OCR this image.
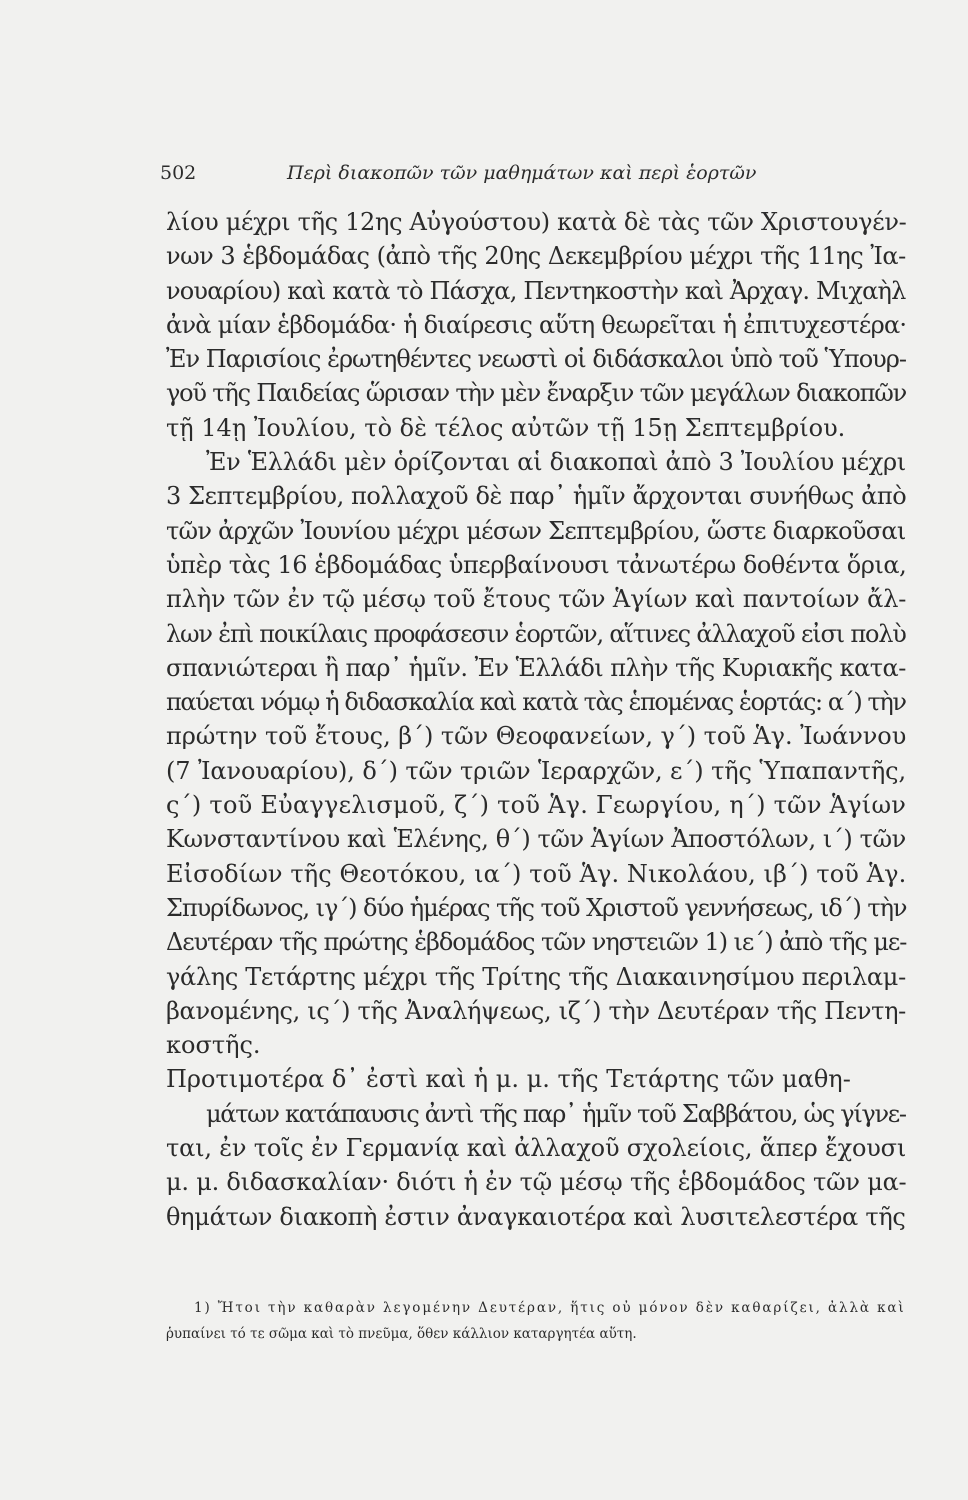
502	Περὶ διακοπῶν τῶν μαθημάτων καὶ περὶ ἑορτῶν
λίου μέχρι τῆς 12ης Αὐγούστου) κατὰ δὲ τὰς τῶν Χριστουγέν-
νων 3 ἑβδομάδας (ἀπὸ τῆς 20ης Δεκεμβρίου μέχρι τῆς 11ης Ἰα-
νουαρίου) καὶ κατὰ τὸ Πάσχα, Πεντηκοστὴν καὶ Ἀρχαγ. Μιχαὴλ
ἀνὰ μίαν ἑβδομάδα· ἡ διαίρεσις αὕτη θεωρεῖται ἡ ἐπιτυχεστέρα·
Ἐν Παρισίοις ἐρωτηθέντες νεωστὶ οἱ διδάσκαλοι ὑπὸ τοῦ Ὑπουρ-
γοῦ τῆς Παιδείας ὥρισαν τὴν μὲν ἔναρξιν τῶν μεγάλων διακοπῶν
τῇ 14ῃ Ἰουλίου, τὸ δὲ τέλος αὐτῶν τῇ 15ῃ Σεπτεμβρίου.
Ἐν Ἑλλάδι μὲν ὁρίζονται αἱ διακοπαὶ ἀπὸ 3 Ἰουλίου μέχρι
3 Σεπτεμβρίου, πολλαχοῦ δὲ παρ᾽ ἡμῖν ἄρχονται συνήθως ἀπὸ
τῶν ἀρχῶν Ἰουνίου μέχρι μέσων Σεπτεμβρίου, ὥστε διαρκοῦσαι
ὑπὲρ τὰς 16 ἑβδομάδας ὑπερβαίνουσι τἀνωτέρω δοθέντα ὅρια,
πλὴν τῶν ἐν τῷ μέσῳ τοῦ ἔτους τῶν Ἁγίων καὶ παντοίων ἄλ-
λων ἐπὶ ποικίλαις προφάσεσιν ἑορτῶν, αἵτινες ἀλλαχοῦ εἰσι πολὺ
σπανιώτεραι ἢ παρ᾽ ἡμῖν. Ἐν Ἑλλάδι πλὴν τῆς Κυριακῆς κατα-
παύεται νόμῳ ἡ διδασκαλία καὶ κατὰ τὰς ἑπομένας ἑορτάς: α΄) τὴν
πρώτην τοῦ ἔτους, β΄) τῶν Θεοφανείων, γ΄) τοῦ Ἁγ. Ἰωάννου
(7 Ἰανουαρίου), δ΄) τῶν τριῶν Ἱεραρχῶν, ε΄) τῆς Ὑπαπαντῆς,
ς΄) τοῦ Εὐαγγελισμοῦ, ζ΄) τοῦ Ἁγ. Γεωργίου, η΄) τῶν Ἁγίων
Κωνσταντίνου καὶ Ἑλένης, θ΄) τῶν Ἁγίων Ἀποστόλων, ι΄) τῶν
Εἰσοδίων τῆς Θεοτόκου, ια΄) τοῦ Ἁγ. Νικολάου, ιβ΄) τοῦ Ἁγ.
Σπυρίδωνος, ιγ΄) δύο ἡμέρας τῆς τοῦ Χριστοῦ γεννήσεως, ιδ΄) τὴν
Δευτέραν τῆς πρώτης ἑβδομάδος τῶν νηστειῶν 1) ιε΄) ἀπὸ τῆς με-
γάλης Τετάρτης μέχρι τῆς Τρίτης τῆς Διακαινησίμου περιλαμ-
βανομένης, ις΄) τῆς Ἀναλήψεως, ιζ΄) τὴν Δευτέραν τῆς Πεντη-
κοστῆς.
Προτιμοτέρα δ᾽ ἐστὶ καὶ ἡ μ. μ. τῆς Τετάρτης τῶν μαθη-
μάτων κατάπαυσις ἀντὶ τῆς παρ᾽ ἡμῖν τοῦ Σαββάτου, ὡς γίγνε-
ται, ἐν τοῖς ἐν Γερμανίᾳ καὶ ἀλλαχοῦ σχολείοις, ἅπερ ἔχουσι
μ. μ. διδασκαλίαν· διότι ἡ ἐν τῷ μέσῳ τῆς ἑβδομάδος τῶν μα-
θημάτων διακοπὴ ἐστιν ἀναγκαιοτέρα καὶ λυσιτελεστέρα τῆς
1) Ἤτοι τὴν καθαρὰν λεγομένην Δευτέραν, ἥτις οὐ μόνον δὲν καθαρίζει, ἀλλὰ καὶ
ῥυπαίνει τό τε σῶμα καὶ τὸ πνεῦμα, ὅθεν κάλλιον καταργητέα αὕτη.
